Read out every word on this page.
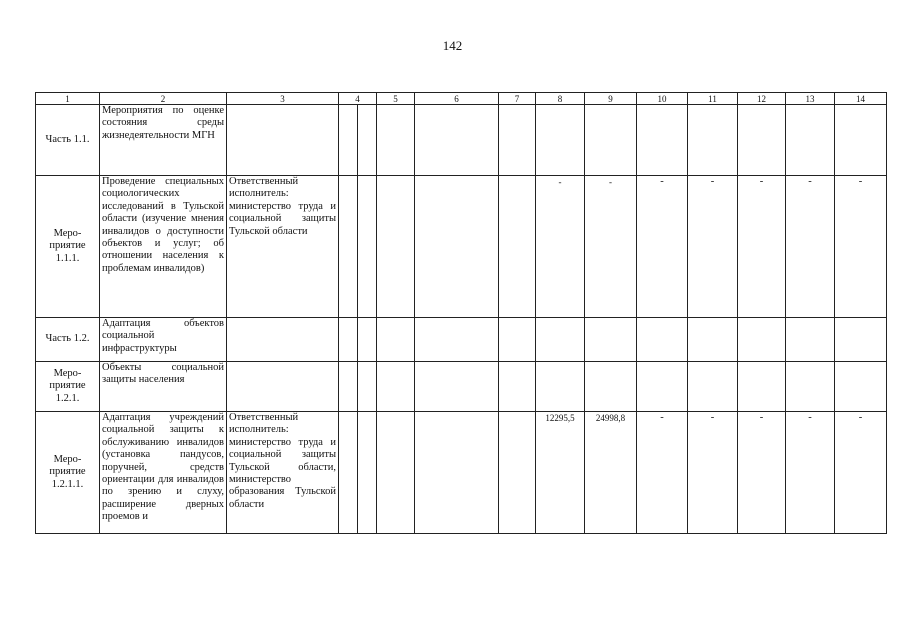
142
1	2	3	4	5	6	7	8	9	10	11	12	13	14
Часть 1.1.	Мероприятия по оценке состояния среды жизнедеятельности МГН												
Меро-приятие 1.1.1.	Проведение специальных социологических исследований в Тульской области (изучение мнения инвалидов о доступности объектов и услуг; об отношении населения к проблемам инвалидов)	Ответственный исполнитель: министерство труда и социальной защиты Тульской области					-	-	-	-	-	-	-
Часть 1.2.	Адаптация объектов социальной инфраструктуры												
Меро-приятие 1.2.1.	Объекты социальной защиты населения												
Меро-приятие 1.2.1.1.	Адаптация учреждений социальной защиты к обслуживанию инвалидов (установка пандусов, поручней, средств ориентации для инвалидов по зрению и слуху, расширение дверных проемов и	Ответственный исполнитель: министерство труда и социальной защиты Тульской области, министерство образования Тульской области					12295,5	24998,8	-	-	-	-	-
